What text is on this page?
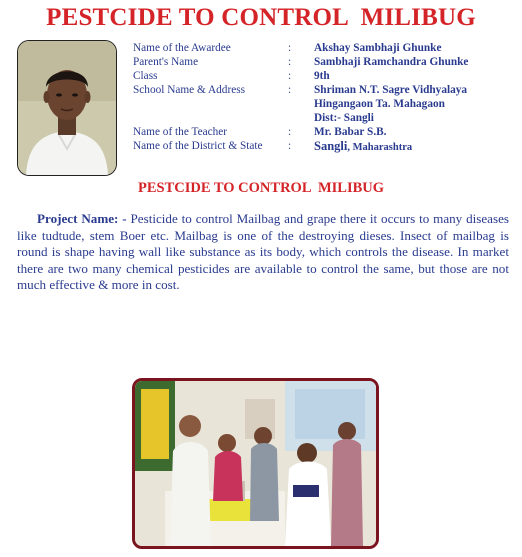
PESTCIDE TO CONTROL  MILIBUG
Name of the Awardee	: Akshay Sambhaji Ghunke
Parent's Name	: Sambhaji Ramchandra Ghunke
Class	: 9th
School Name & Address	: Shriman N.T. Sagre Vidhyalaya
Hingangaon Ta. Mahagaon
Dist:- Sangli
Name of the Teacher	: Mr. Babar S.B.
Name of the District & State : Sangli, Maharashtra
PESTCIDE TO CONTROL  MILIBUG
Project Name: - Pesticide to control Mailbag and grape there it occurs to many diseases like tudtude, stem Boer etc. Mailbag is one of the destroying dieses. Insect of mailbag is round is shape having wall like substance as its body, which controls the disease. In market there are two many chemical pesticides are available to control the same, but those are not much effective & more in cost.
